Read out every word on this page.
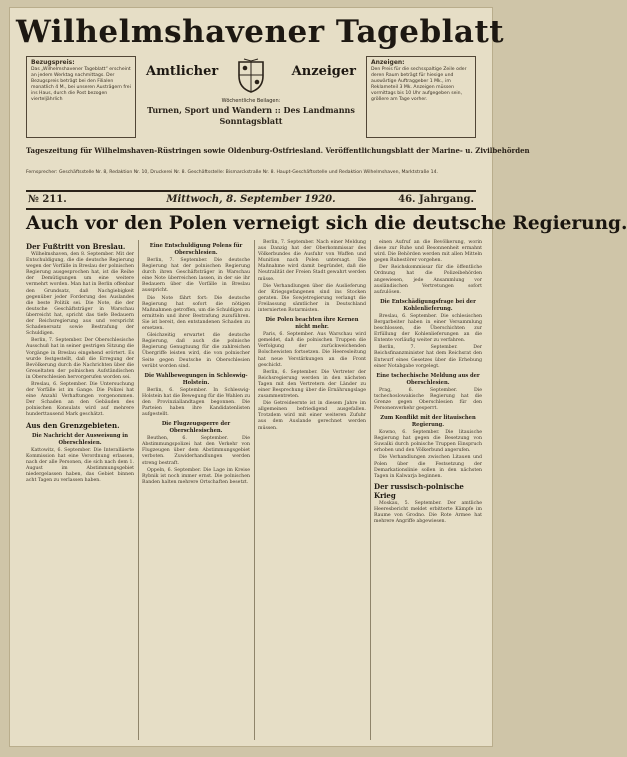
Wilhelmshavener Tageblatt
Bezugspreis:
Das „Wilhelmshavener Tageblatt“ erscheint an jedem Werktag nachmittags. Der Bezugspreis beträgt bei den Filialen monatlich 4 M., bei unseren Austrägern frei ins Haus, durch die Post bezogen vierteljährlich
Amtlicher	Anzeiger
Wöchentliche Beilagen:
Turnen, Sport und Wandern :: Des Landmanns Sonntagsblatt
Anzeigen:
Den Preis für die sechsspaltige Zeile oder deren Raum beträgt für hiesige und auswärtige Auftraggeber 1 Mk., im Reklameteil 3 Mk. Anzeigen müssen vormittags bis 10 Uhr aufgegeben sein, größere am Tage vorher.
Tageszeitung für Wilhelmshaven-Rüstringen sowie Oldenburg-Ostfriesland. Veröffentlichungsblatt der Marine- u. Zivilbehörden
Fernsprecher: Geschäftsstelle Nr. 8, Redaktion Nr. 10, Druckerei Nr. 8. Geschäftsstelle: Bismarckstraße Nr. 8. Haupt-Geschäftsstelle und Redaktion Wilhelmshaven, Marktstraße 14.
№ 211.	Mittwoch, 8. September 1920.	46. Jahrgang.
Auch vor den Polen verneigt sich die deutsche Regierung.
Der Fußtritt von Breslau.
Wilhelmshaven, den 8. September. Mit der Entschuldigung, die die deutsche Regierung wegen der Vorfälle in Breslau der polnischen Regierung ausgesprochen hat, ist die Reihe der Demütigungen um eine weitere vermehrt worden. Man hat in Berlin offenbar den Grundsatz, daß Nachgiebigkeit gegenüber jeder Forderung des Auslandes die beste Politik sei. Die Note, die der deutsche Geschäftsträger in Warschau überreicht hat, spricht das tiefe Bedauern der Reichsregierung aus und verspricht Schadenersatz sowie Bestrafung der Schuldigen.
Berlin, 7. September. Der Oberschlesische Ausschuß hat in seiner gestrigen Sitzung die Vorgänge in Breslau eingehend erörtert. Es wurde festgestellt, daß die Erregung der Bevölkerung durch die Nachrichten über die Greueltaten der polnischen Aufständischen in Oberschlesien hervorgerufen worden sei.
Breslau, 6. September. Die Untersuchung der Vorfälle ist im Gange. Die Polizei hat eine Anzahl Verhaftungen vorgenommen. Der Schaden an den Gebäuden des polnischen Konsulats wird auf mehrere hunderttausend Mark geschätzt.
Aus den Grenzgebieten.
Die Nachricht der Ausweisung in Oberschlesien.
Kattowitz, 6. September. Die Interalliierte Kommission hat eine Verordnung erlassen, nach der alle Personen, die sich nach dem 1. August im Abstimmungsgebiet niedergelassen haben, das Gebiet binnen acht Tagen zu verlassen haben.
Eine Entschuldigung Polens für Oberschlesien.
Berlin, 7. September. Die deutsche Regierung hat der polnischen Regierung durch ihren Geschäftsträger in Warschau eine Note überreichen lassen, in der sie ihr Bedauern über die Vorfälle in Breslau ausspricht.
Die Note fährt fort: Die deutsche Regierung hat sofort die nötigen Maßnahmen getroffen, um die Schuldigen zu ermitteln und ihrer Bestrafung zuzuführen. Sie ist bereit, den entstandenen Schaden zu ersetzen.
Gleichzeitig erwartet die deutsche Regierung, daß auch die polnische Regierung Genugtuung für die zahlreichen Übergriffe leisten wird, die von polnischer Seite gegen Deutsche in Oberschlesien verübt worden sind.
Die Wahlbewegungen in Schleswig-Holstein.
Berlin, 6. September. In Schleswig-Holstein hat die Bewegung für die Wahlen zu den Provinziallandtagen begonnen. Die Parteien haben ihre Kandidatenlisten aufgestellt.
Die Flugzeugsperre der Oberschlesischen.
Beuthen, 6. September. Die Abstimmungspolizei hat den Verkehr von Flugzeugen über dem Abstimmungsgebiet verboten. Zuwiderhandlungen werden streng bestraft.
Oppeln, 6. September. Die Lage im Kreise Rybnik ist noch immer ernst. Die polnischen Banden halten mehrere Ortschaften besetzt.
Berlin, 7. September. Nach einer Meldung aus Danzig hat der Oberkommissar des Völkerbundes die Ausfuhr von Waffen und Munition nach Polen untersagt. Die Maßnahme wird damit begründet, daß die Neutralität der Freien Stadt gewahrt werden müsse.
Die Verhandlungen über die Auslieferung der Kriegsgefangenen sind ins Stocken geraten. Die Sowjetregierung verlangt die Freilassung sämtlicher in Deutschland internierten Rotarmisten.
Die Polen beachten ihre Kernen nicht mehr.
Paris, 6. September. Aus Warschau wird gemeldet, daß die polnischen Truppen die Verfolgung der zurückweichenden Bolschewisten fortsetzen. Die Heeresleitung hat neue Verstärkungen an die Front geschickt.
Berlin, 6. September. Die Vertreter der Reichsregierung werden in den nächsten Tagen mit den Vertretern der Länder zu einer Besprechung über die Ernährungslage zusammentreten.
Die Getreideernte ist in diesem Jahre im allgemeinen befriedigend ausgefallen. Trotzdem wird mit einer weiteren Zufuhr aus dem Auslande gerechnet werden müssen.
einen Aufruf an die Bevölkerung, worin diese zur Ruhe und Besonnenheit ermahnt wird. Die Behörden werden mit allen Mitteln gegen Ruhestörer vorgehen.
Der Reichskommissar für die öffentliche Ordnung hat die Polizeibehörden angewiesen, jede Ansammlung vor ausländischen Vertretungen sofort aufzulösen.
Die Entschädigungsfrage bei der Kohlenlieferung.
Breslau, 6. September. Die schlesischen Bergarbeiter haben in einer Versammlung beschlossen, die Überschichten zur Erfüllung der Kohlenlieferungen an die Entente vorläufig weiter zu verfahren.
Berlin, 7. September. Der Reichsfinanzminister hat dem Reichsrat den Entwurf eines Gesetzes über die Erhebung einer Notabgabe vorgelegt.
Eine tschechische Meldung aus der Oberschlesien.
Prag, 6. September. Die tschechoslowakische Regierung hat die Grenze gegen Oberschlesien für den Personenverkehr gesperrt.
Zum Konflikt mit der litauischen Regierung.
Kowno, 6. September. Die litauische Regierung hat gegen die Besetzung von Suwalki durch polnische Truppen Einspruch erhoben und den Völkerbund angerufen.
Die Verhandlungen zwischen Litauen und Polen über die Festsetzung der Demarkationslinie sollen in den nächsten Tagen in Kalwarja beginnen.
Der russisch-polnische Krieg
Moskau, 5. September. Der amtliche Heeresbericht meldet erbitterte Kämpfe im Raume von Grodno. Die Rote Armee hat mehrere Angriffe abgewiesen.
